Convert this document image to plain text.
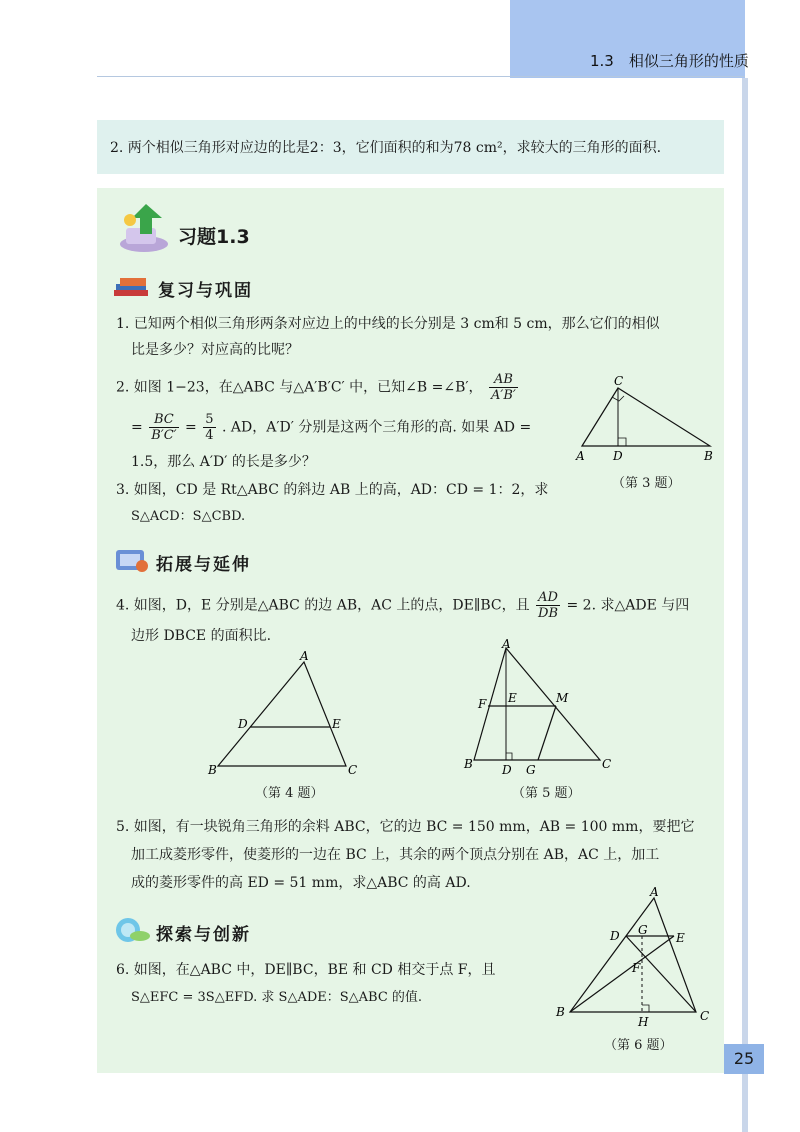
1.3　相似三角形的性质
2. 两个相似三角形对应边的比是2：3，它们面积的和为78 cm²，求较大的三角形的面积.
习题1.3
复习与巩固
1. 已知两个相似三角形两条对应边上的中线的长分别是 3 cm和 5 cm，那么它们的相似
比是多少？对应高的比呢？
2. 如图 1−23，在△ABC 与△A′B′C′ 中，已知∠B =∠B′， $\frac{AB}{A'B'}$
= $\frac{BC}{B'C'} = \frac{5}{4}$ . AD，A′D′ 分别是这两个三角形的高. 如果 AD =
1.5，那么 A′D′ 的长是多少？
3. 如图，CD 是 Rt△ABC 的斜边 AB 上的高，AD：CD = 1：2，求
S△ACD：S△CBD.
C
A D	B
（第 3 题）
拓展与延伸
4. 如图，D，E 分别是△ABC 的边 AB，AC 上的点，DE∥BC，且 $\frac{AD}{DB} = 2$. 求△ADE 与四
边形 DBCE 的面积比.
A
D	E
B	C
（第 4 题）
A
F E	M
B D G	C
（第 5 题）
5. 如图，有一块锐角三角形的余料 ABC，它的边 BC = 150 mm，AB = 100 mm，要把它
加工成菱形零件，使菱形的一边在 BC 上，其余的两个顶点分别在 AB，AC 上，加工
成的菱形零件的高 ED = 51 mm，求△ABC 的高 AD.
探索与创新
6. 如图，在△ABC 中，DE∥BC，BE 和 CD 相交于点 F，且
S△EFC = 3S△EFD. 求 S△ADE：S△ABC 的值.
A
D G
E
F
B
H	C
（第 6 题）
25
